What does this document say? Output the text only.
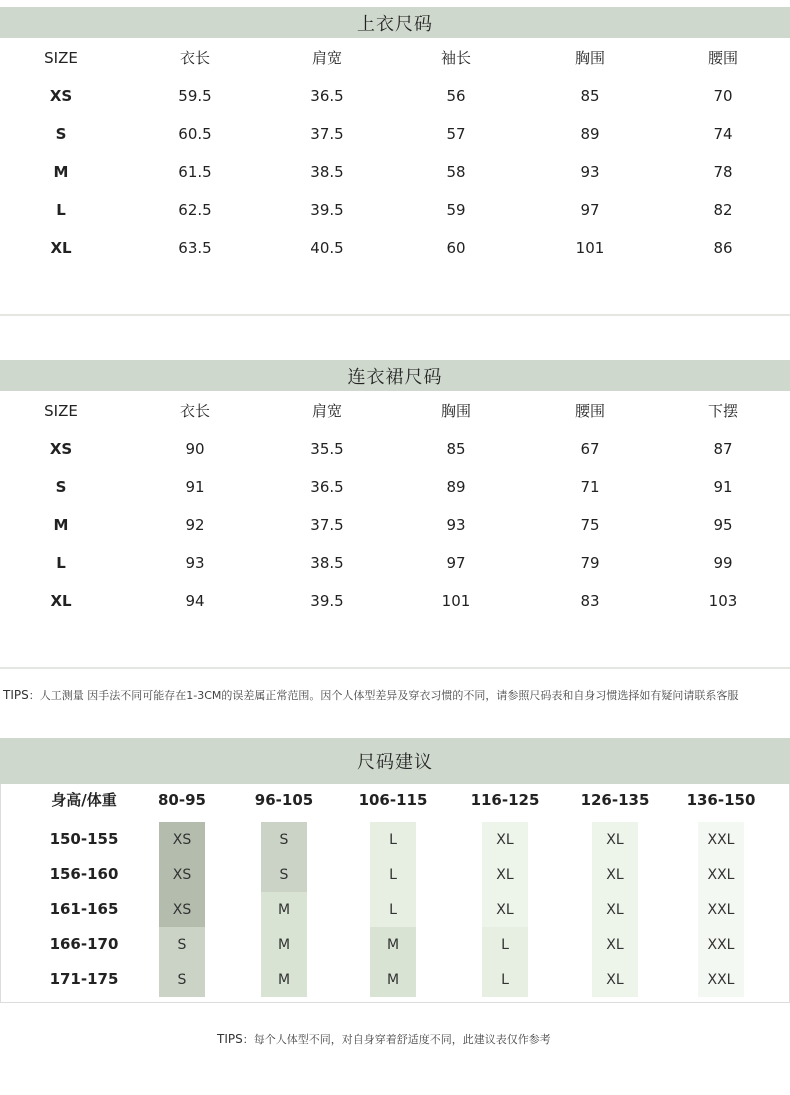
上衣尺码
SIZE	衣长	肩宽	袖长	胸围	腰围
XS	59.5	36.5	56	85	70
S	60.5	37.5	57	89	74
M	61.5	38.5	58	93	78
L	62.5	39.5	59	97	82
XL	63.5	40.5	60	101	86
连衣裙尺码
SIZE	衣长	肩宽	胸围	腰围	下摆
XS	90	35.5	85	67	87
S	91	36.5	89	71	91
M	92	37.5	93	75	95
L	93	38.5	97	79	99
XL	94	39.5	101	83	103
TIPS：人工测量 因手法不同可能存在1-3CM的误差属正常范围。因个人体型差异及穿衣习惯的不同，请参照尺码表和自身习惯选择如有疑问请联系客服
尺码建议
身高/体重	80-95	96-105	106-115	116-125	126-135	136-150
150-155	XS	S	L	XL	XL	XXL
156-160	XS	S	L	XL	XL	XXL
161-165	XS	M	L	XL	XL	XXL
166-170	S	M	M	L	XL	XXL
171-175	S	M	M	L	XL	XXL
TIPS：每个人体型不同，对自身穿着舒适度不同，此建议表仅作参考
